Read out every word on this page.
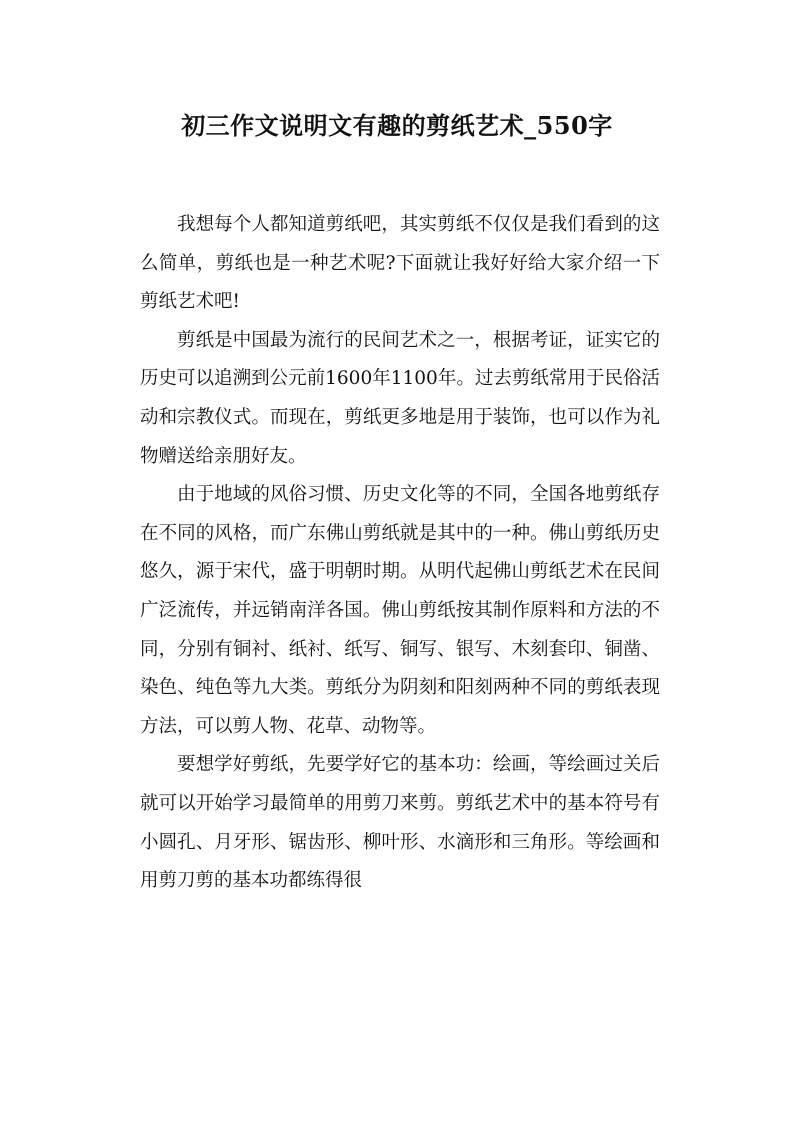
初三作文说明文有趣的剪纸艺术_550字

我想每个人都知道剪纸吧，其实剪纸不仅仅是我们看到的这么简单，剪纸也是一种艺术呢?下面就让我好好给大家介绍一下剪纸艺术吧!

剪纸是中国最为流行的民间艺术之一，根据考证，证实它的历史可以追溯到公元前1600年1100年。过去剪纸常用于民俗活动和宗教仪式。而现在，剪纸更多地是用于装饰，也可以作为礼物赠送给亲朋好友。

由于地域的风俗习惯、历史文化等的不同，全国各地剪纸存在不同的风格，而广东佛山剪纸就是其中的一种。佛山剪纸历史悠久，源于宋代，盛于明朝时期。从明代起佛山剪纸艺术在民间广泛流传，并远销南洋各国。佛山剪纸按其制作原料和方法的不同，分别有铜衬、纸衬、纸写、铜写、银写、木刻套印、铜凿、染色、纯色等九大类。剪纸分为阴刻和阳刻两种不同的剪纸表现方法，可以剪人物、花草、动物等。

要想学好剪纸，先要学好它的基本功：绘画，等绘画过关后就可以开始学习最简单的用剪刀来剪。剪纸艺术中的基本符号有小圆孔、月牙形、锯齿形、柳叶形、水滴形和三角形。等绘画和用剪刀剪的基本功都练得很
